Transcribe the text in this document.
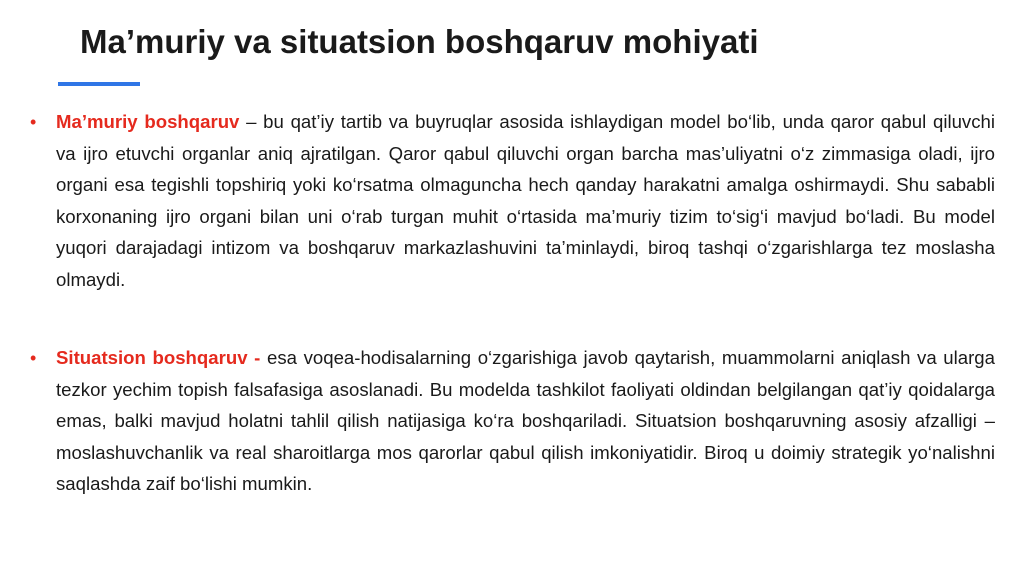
Ma’muriy va situatsion boshqaruv mohiyati
• Ma’muriy boshqaruv – bu qat’iy tartib va buyruqlar asosida ishlaydigan model bo‘lib, unda qaror qabul qiluvchi va ijro etuvchi organlar aniq ajratilgan. Qaror qabul qiluvchi organ barcha mas’uliyatni o‘z zimmasiga oladi, ijro organi esa tegishli topshiriq yoki ko‘rsatma olmaguncha hech qanday harakatni amalga oshirmaydi. Shu sababli korxonaning ijro organi bilan uni o‘rab turgan muhit o‘rtasida ma’muriy tizim to‘sig‘i mavjud bo‘ladi. Bu model yuqori darajadagi intizom va boshqaruv markazlashuvini ta’minlaydi, biroq tashqi o‘zgarishlarga tez moslasha olmaydi.

• Situatsion boshqaruv - esa voqea-hodisalarning o‘zgarishiga javob qaytarish, muammolarni aniqlash va ularga tezkor yechim topish falsafasiga asoslanadi. Bu modelda tashkilot faoliyati oldindan belgilangan qat’iy qoidalarga emas, balki mavjud holatni tahlil qilish natijasiga ko‘ra boshqariladi. Situatsion boshqaruvning asosiy afzalligi – moslashuvchanlik va real sharoitlarga mos qarorlar qabul qilish imkoniyatidir. Biroq u doimiy strategik yo‘nalishni saqlashda zaif bo‘lishi mumkin.
